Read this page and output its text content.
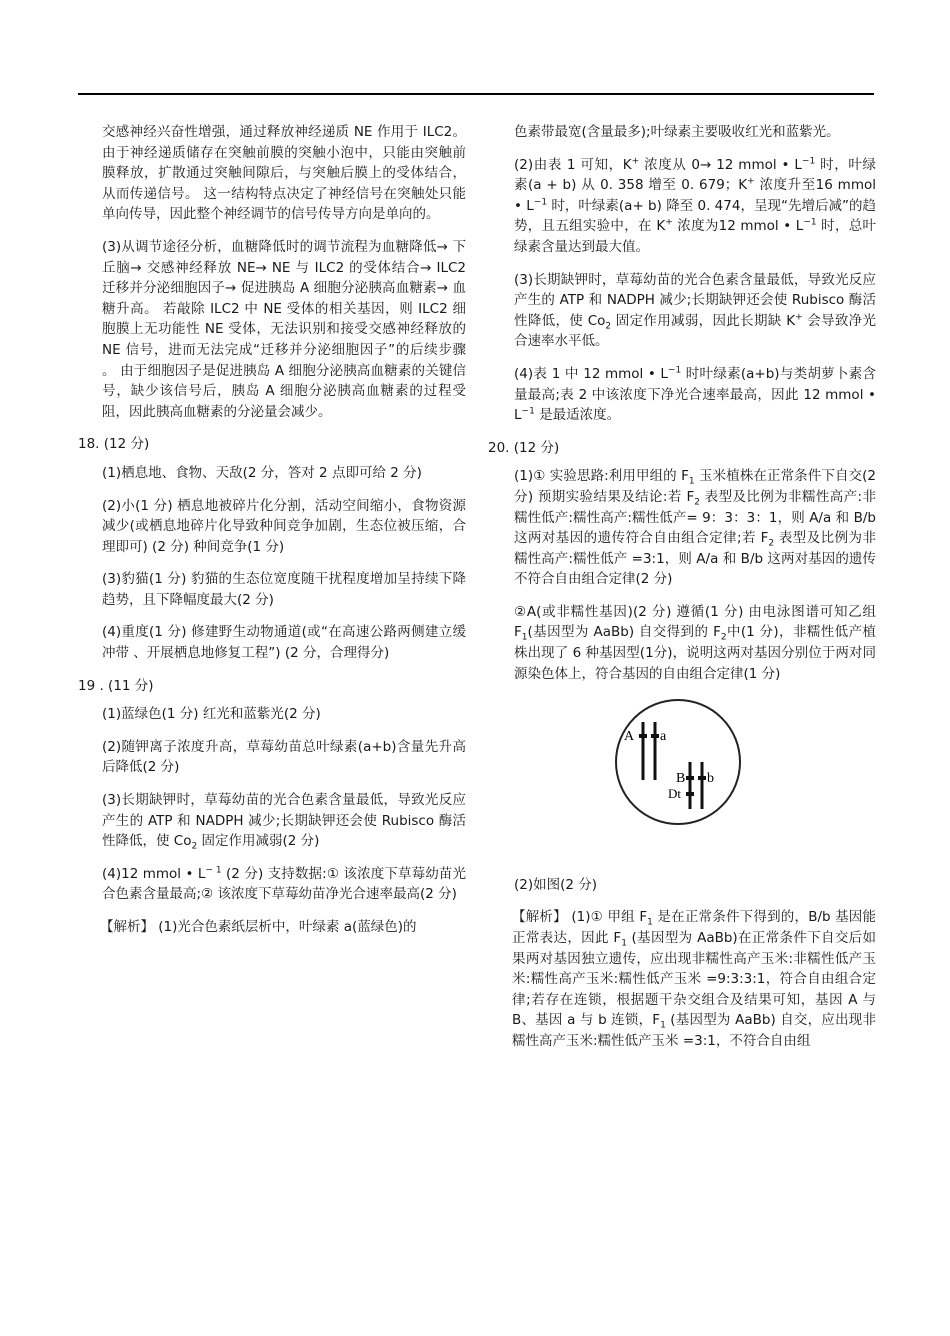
交感神经兴奋性增强，通过释放神经递质 NE 作用于 ILC2。 由于神经递质储存在突触前膜的突触小泡中，只能由突触前膜释放，扩散通过突触间隙后，与突触后膜上的受体结合，从而传递信号。 这一结构特点决定了神经信号在突触处只能单向传导，因此整个神经调节的信号传导方向是单向的。

(3)从调节途径分析，血糖降低时的调节流程为血糖降低→ 下丘脑→ 交感神经释放 NE→ NE 与 ILC2 的受体结合→ ILC2 迁移并分泌细胞因子→ 促进胰岛 A 细胞分泌胰高血糖素→ 血糖升高。 若敲除 ILC2 中 NE 受体的相关基因，则 ILC2 细胞膜上无功能性 NE 受体，无法识别和接受交感神经释放的 NE 信号，进而无法完成“迁移并分泌细胞因子”的后续步骤 。 由于细胞因子是促进胰岛 A 细胞分泌胰高血糖素的关键信号，缺少该信号后，胰岛 A 细胞分泌胰高血糖素的过程受阻，因此胰高血糖素的分泌量会减少。

18. (12 分)

(1)栖息地、食物、天敌(2 分，答对 2 点即可给 2 分)

(2)小(1 分) 栖息地被碎片化分割，活动空间缩小，食物资源减少(或栖息地碎片化导致种间竞争加剧，生态位被压缩，合理即可) (2 分) 种间竞争(1 分)

(3)豹猫(1 分) 豹猫的生态位宽度随干扰程度增加呈持续下降趋势，且下降幅度最大(2 分)

(4)重度(1 分) 修建野生动物通道(或“在高速公路两侧建立缓冲带 、开展栖息地修复工程”) (2 分，合理得分)

19 . (11 分)

(1)蓝绿色(1 分) 红光和蓝紫光(2 分)

(2)随钾离子浓度升高，草莓幼苗总叶绿素(a+b)含量先升高后降低(2 分)

(3)长期缺钾时，草莓幼苗的光合色素含量最低，导致光反应产生的 ATP 和 NADPH 减少;长期缺钾还会使 Rubisco 酶活性降低，使 $Co_2$ 固定作用减弱(2 分)

(4)12 mmol • $L^{- 1}$ (2 分) 支持数据:① 该浓度下草莓幼苗光合色素含量最高;② 该浓度下草莓幼苗净光合速率最高(2 分)

【解析】 (1)光合色素纸层析中，叶绿素 a(蓝绿色)的

色素带最宽(含量最多);叶绿素主要吸收红光和蓝紫光。

(2)由表 1 可知，K+ 浓度从 0→ 12 mmol • $L^{-1}$ 时，叶绿素(a + b) 从 0. 358 增至 0. 679；K+ 浓度升至16 mmol • $L^{-1}$ 时，叶绿素(a+ b) 降至 0. 474，呈现“先增后减”的趋势，且五组实验中，在 K+ 浓度为12 mmol • $L^{-1}$ 时，总叶绿素含量达到最大值。

(3)长期缺钾时，草莓幼苗的光合色素含量最低，导致光反应产生的 ATP 和 NADPH 减少;长期缺钾还会使 Rubisco 酶活性降低，使 $Co_2$ 固定作用减弱，因此长期缺 K+ 会导致净光合速率水平低。

(4)表 1 中 12 mmol • $L^{-1}$ 时叶绿素(a+b)与类胡萝卜素含量最高;表 2 中该浓度下净光合速率最高，因此 12 mmol • $L^{-1}$ 是最适浓度。

20. (12 分)

(1)① 实验思路:利用甲组的 $F_1$ 玉米植株在正常条件下自交(2 分) 预期实验结果及结论:若 $F_2$ 表型及比例为非糯性高产:非糯性低产:糯性高产:糯性低产= 9：3：3：1，则 A/a 和 B/b 这两对基因的遗传符合自由组合定律;若 $F_2$ 表型及比例为非糯性高产:糯性低产 =3:1，则 A/a 和 B/b 这两对基因的遗传不符合自由组合定律(2 分)

②A(或非糯性基因)(2 分) 遵循(1 分) 由电泳图谱可知乙组 $F_1$(基因型为 AaBb) 自交得到的 $F_2$中(1 分)，非糯性低产植株出现了 6 种基因型(1分)，说明这两对基因分别位于两对同源染色体上，符合基因的自由组合定律(1 分)

A a
B b
Dt

(2)如图(2 分)

【解析】 (1)① 甲组 $F_1$ 是在正常条件下得到的，B/b 基因能正常表达，因此 $F_1$ (基因型为 AaBb)在正常条件下自交后如果两对基因独立遗传，应出现非糯性高产玉米:非糯性低产玉米:糯性高产玉米:糯性低产玉米 =9:3:3:1，符合自由组合定律;若存在连锁，根据题干杂交组合及结果可知，基因 A 与 B、基因 a 与 b 连锁，$F_1$ (基因型为 AaBb) 自交，应出现非糯性高产玉米:糯性低产玉米 =3:1，不符合自由组
